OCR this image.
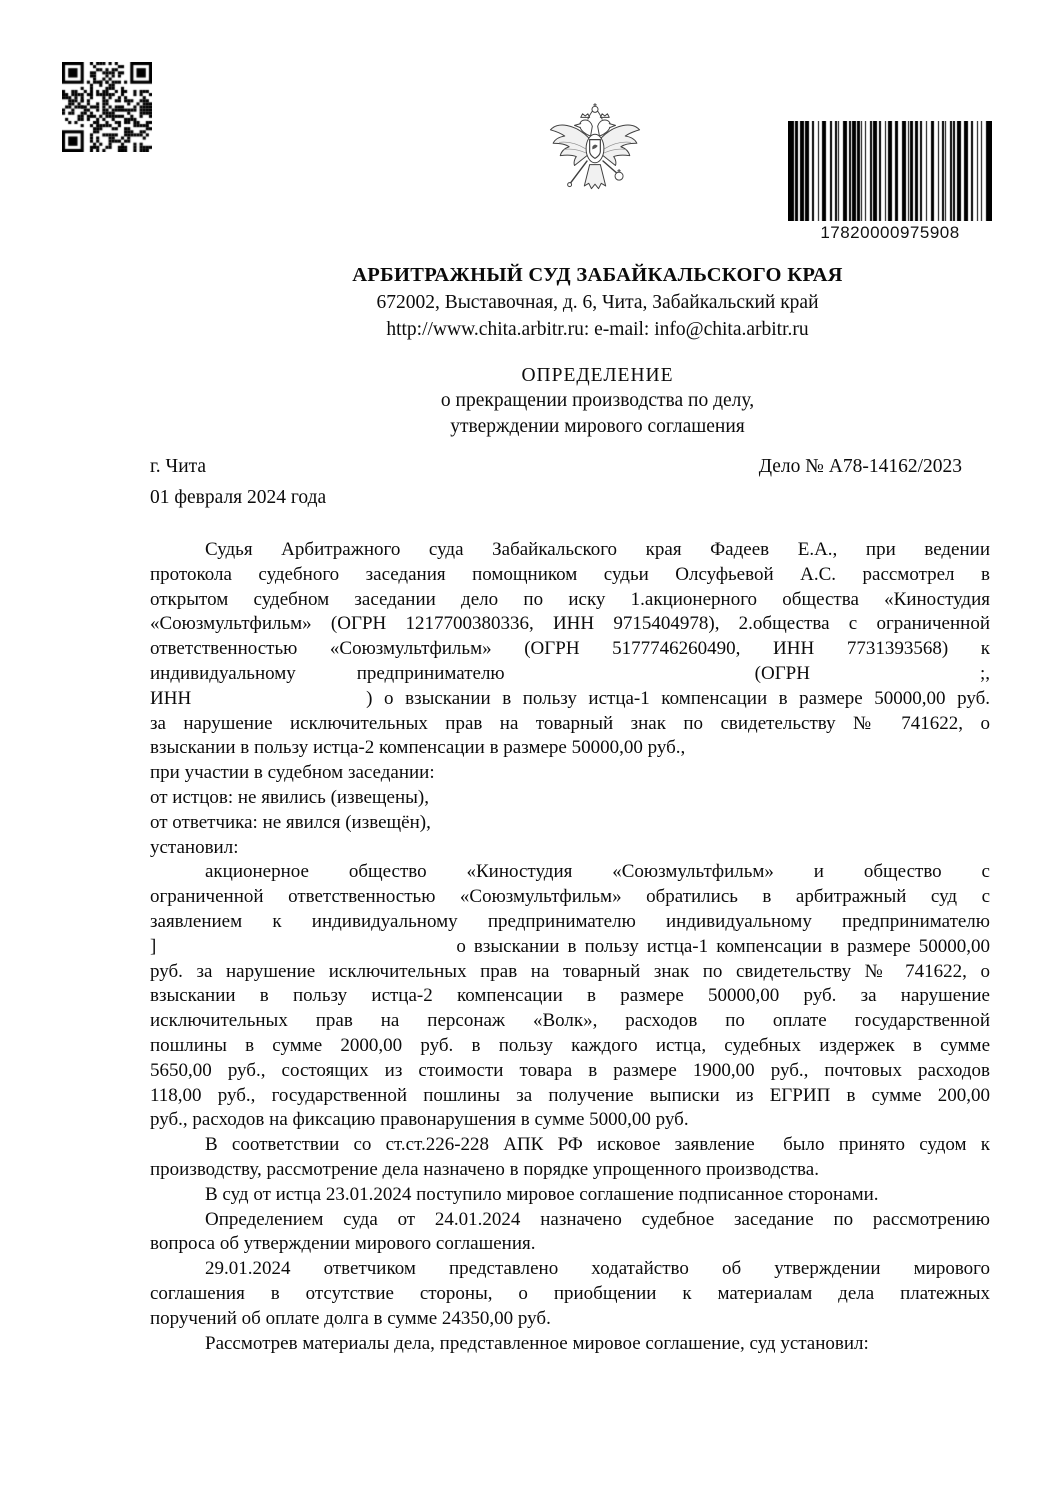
17820000975908
АРБИТРАЖНЫЙ СУД ЗАБАЙКАЛЬСКОГО КРАЯ
672002, Выставочная, д. 6, Чита, Забайкальский край
http://www.chita.arbitr.ru: e-mail: info@chita.arbitr.ru
ОПРЕДЕЛЕНИЕ
о прекращении производства по делу,
утверждении мирового соглашения
г. Чита	Дело № А78-14162/2023
01 февраля 2024 года
Судья Арбитражного суда Забайкальского края Фадеев Е.А., при ведении
протокола судебного заседания помощником судьи Олсуфьевой А.С. рассмотрел в
открытом судебном заседании дело по иску 1.акционерного общества «Киностудия
«Союзмультфильм» (ОГРН 1217700380336, ИНН 9715404978), 2.общества с ограниченной
ответственностью «Союзмультфильм» (ОГРН 5177746260490, ИНН 7731393568) к
индивидуальному предпринимателю	(ОГРН	;,
ИНН	) о взыскании в пользу истца-1 компенсации в размере 50000,00 руб.
за нарушение исключительных прав на товарный знак по свидетельству № 741622, о
взыскании в пользу истца-2 компенсации в размере 50000,00 руб.,
при участии в судебном заседании:
от истцов: не явились (извещены),
от ответчика: не явился (извещён),
установил:
акционерное общество «Киностудия «Союзмультфильм» и общество с
ограниченной ответственностью «Союзмультфильм» обратились в арбитражный суд с
заявлением к индивидуальному предпринимателю индивидуальному предпринимателю
]	о взыскании в пользу истца-1 компенсации в размере 50000,00
руб. за нарушение исключительных прав на товарный знак по свидетельству № 741622, о
взыскании в пользу истца-2 компенсации в размере 50000,00 руб. за нарушение
исключительных прав на персонаж «Волк», расходов по оплате государственной
пошлины в сумме 2000,00 руб. в пользу каждого истца, судебных издержек в сумме
5650,00 руб., состоящих из стоимости товара в размере 1900,00 руб., почтовых расходов
118,00 руб., государственной пошлины за получение выписки из ЕГРИП в сумме 200,00
руб., расходов на фиксацию правонарушения в сумме 5000,00 руб.
В соответствии со ст.ст.226-228 АПК РФ исковое заявление  было принято судом к
производству, рассмотрение дела назначено в порядке упрощенного производства.
В суд от истца 23.01.2024 поступило мировое соглашение подписанное сторонами.
Определением суда от 24.01.2024 назначено судебное заседание по рассмотрению
вопроса об утверждении мирового соглашения.
29.01.2024 ответчиком представлено ходатайство об утверждении мирового
соглашения в отсутствие стороны, о приобщении к материалам дела платежных
поручений об оплате долга в сумме 24350,00 руб.
Рассмотрев материалы дела, представленное мировое соглашение, суд установил:
